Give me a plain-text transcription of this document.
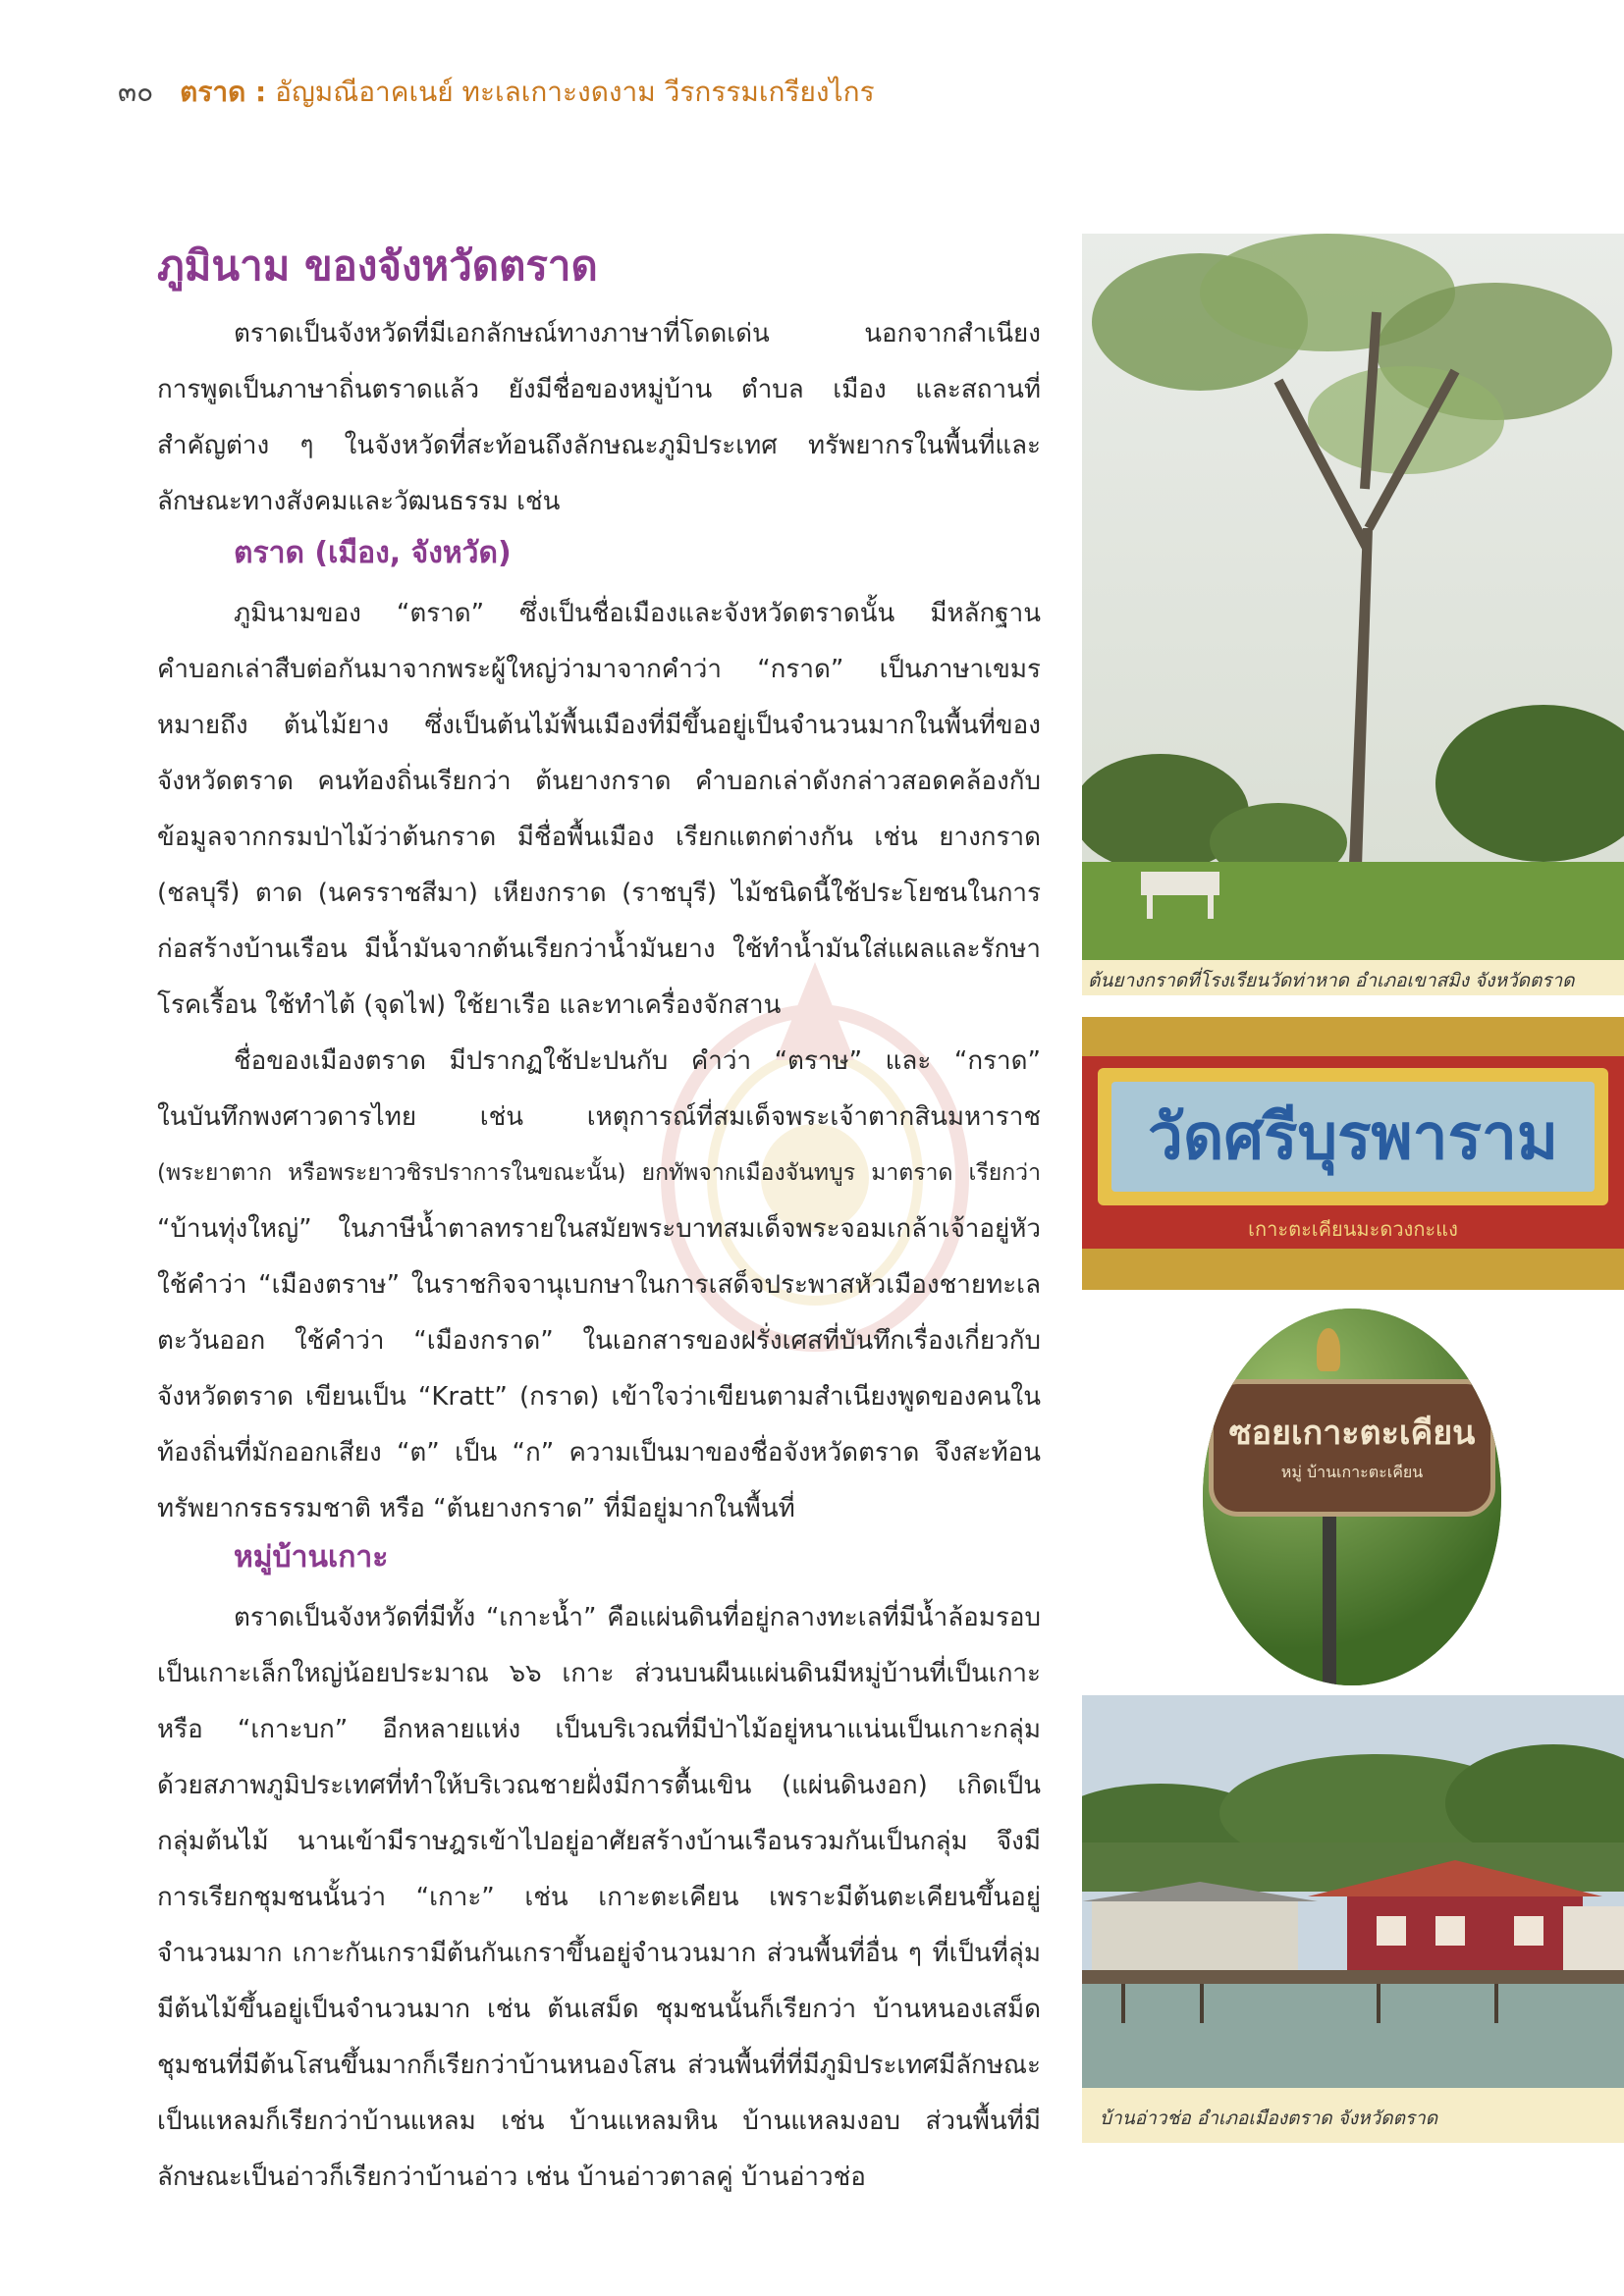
๓๐ ตราด : อัญมณีอาคเนย์ ทะเลเกาะงดงาม วีรกรรมเกรียงไกร
ภูมินาม ของจังหวัดตราด
ตราดเป็นจังหวัดที่มีเอกลักษณ์ทางภาษาที่โดดเด่น นอกจากสำเนียง
การพูดเป็นภาษาถิ่นตราดแล้ว ยังมีชื่อของหมู่บ้าน ตำบล เมือง และสถานที่
สำคัญต่าง ๆ ในจังหวัดที่สะท้อนถึงลักษณะภูมิประเทศ ทรัพยากรในพื้นที่และ
ลักษณะทางสังคมและวัฒนธรรม เช่น
ตราด (เมือง, จังหวัด)
ภูมินามของ “ตราด” ซึ่งเป็นชื่อเมืองและจังหวัดตราดนั้น มีหลักฐาน
คำบอกเล่าสืบต่อกันมาจากพระผู้ใหญ่ว่ามาจากคำว่า “กราด” เป็นภาษาเขมร
หมายถึง ต้นไม้ยาง ซึ่งเป็นต้นไม้พื้นเมืองที่มีขึ้นอยู่เป็นจำนวนมากในพื้นที่ของ
จังหวัดตราด คนท้องถิ่นเรียกว่า ต้นยางกราด คำบอกเล่าดังกล่าวสอดคล้องกับ
ข้อมูลจากกรมป่าไม้ว่าต้นกราด มีชื่อพื้นเมือง เรียกแตกต่างกัน เช่น ยางกราด
(ชลบุรี) ตาด (นครราชสีมา) เหียงกราด (ราชบุรี) ไม้ชนิดนี้ใช้ประโยชนในการ
ก่อสร้างบ้านเรือน มีน้ำมันจากต้นเรียกว่าน้ำมันยาง ใช้ทำน้ำมันใส่แผลและรักษา
โรคเรื้อน ใช้ทำไต้ (จุดไฟ) ใช้ยาเรือ และทาเครื่องจักสาน
ชื่อของเมืองตราด มีปรากฏใช้ปะปนกับ คำว่า “ตราษ” และ “กราด”
ในบันทึกพงศาวดารไทย เช่น เหตุการณ์ที่สมเด็จพระเจ้าตากสินมหาราช
(พระยาตาก หรือพระยาวชิรปราการในขณะนั้น) ยกทัพจากเมืองจันทบูร มาตราด เรียกว่า
“บ้านทุ่งใหญ่” ในภาษีน้ำตาลทรายในสมัยพระบาทสมเด็จพระจอมเกล้าเจ้าอยู่หัว
ใช้คำว่า “เมืองตราษ” ในราชกิจจานุเบกษาในการเสด็จประพาสหัวเมืองชายทะเล
ตะวันออก ใช้คำว่า “เมืองกราด” ในเอกสารของฝรั่งเศสที่บันทึกเรื่องเกี่ยวกับ
จังหวัดตราด เขียนเป็น “Kratt” (กราด) เข้าใจว่าเขียนตามสำเนียงพูดของคนใน
ท้องถิ่นที่มักออกเสียง “ต” เป็น “ก” ความเป็นมาของชื่อจังหวัดตราด จึงสะท้อน
ทรัพยากรธรรมชาติ หรือ “ต้นยางกราด” ที่มีอยู่มากในพื้นที่
หมู่บ้านเกาะ
ตราดเป็นจังหวัดที่มีทั้ง “เกาะน้ำ” คือแผ่นดินที่อยู่กลางทะเลที่มีน้ำล้อมรอบ
เป็นเกาะเล็กใหญ่น้อยประมาณ ๖๖ เกาะ ส่วนบนผืนแผ่นดินมีหมู่บ้านที่เป็นเกาะ
หรือ “เกาะบก” อีกหลายแห่ง เป็นบริเวณที่มีป่าไม้อยู่หนาแน่นเป็นเกาะกลุ่ม
ด้วยสภาพภูมิประเทศที่ทำให้บริเวณชายฝั่งมีการตื้นเขิน (แผ่นดินงอก) เกิดเป็น
กลุ่มต้นไม้ นานเข้ามีราษฎรเข้าไปอยู่อาศัยสร้างบ้านเรือนรวมกันเป็นกลุ่ม จึงมี
การเรียกชุมชนนั้นว่า “เกาะ” เช่น เกาะตะเคียน เพราะมีต้นตะเคียนขึ้นอยู่
จำนวนมาก เกาะกันเกรามีต้นกันเกราขึ้นอยู่จำนวนมาก ส่วนพื้นที่อื่น ๆ ที่เป็นที่ลุ่ม
มีต้นไม้ขึ้นอยู่เป็นจำนวนมาก เช่น ต้นเสม็ด ชุมชนนั้นก็เรียกว่า บ้านหนองเสม็ด
ชุมชนที่มีต้นโสนขึ้นมากก็เรียกว่าบ้านหนองโสน ส่วนพื้นที่ที่มีภูมิประเทศมีลักษณะ
เป็นแหลมก็เรียกว่าบ้านแหลม เช่น บ้านแหลมหิน บ้านแหลมงอบ ส่วนพื้นที่มี
ลักษณะเป็นอ่าวก็เรียกว่าบ้านอ่าว เช่น บ้านอ่าวตาลคู่ บ้านอ่าวช่อ
ต้นยางกราดที่โรงเรียนวัดท่าหาด อำเภอเขาสมิง จังหวัดตราด
วัดศรีบุรพาราม
เกาะตะเคียนมะดวงกะแง
ซอยเกาะตะเคียน
หมู่ บ้านเกาะตะเคียน
บ้านอ่าวช่อ อำเภอเมืองตราด จังหวัดตราด
